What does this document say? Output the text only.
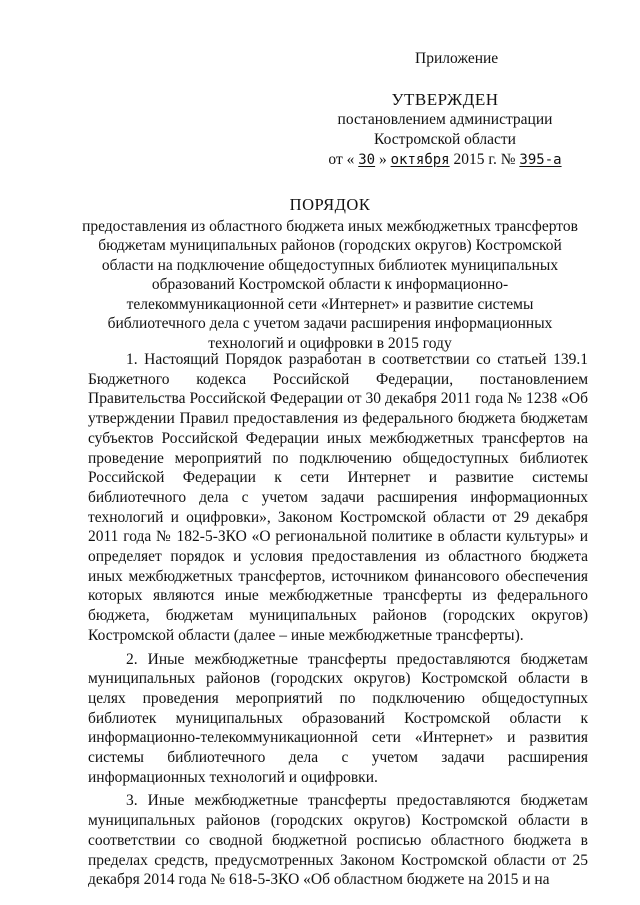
Приложение
УТВЕРЖДЕН
постановлением администрации
Костромской области
от « 30 » октября 2015 г. № 395-а
ПОРЯДОК
предоставления из областного бюджета иных межбюджетных трансфертов
бюджетам муниципальных районов (городских округов) Костромской
области на подключение общедоступных библиотек муниципальных
образований Костромской области к информационно-
телекоммуникационной сети «Интернет» и развитие системы
библиотечного дела с учетом задачи расширения информационных
технологий и оцифровки в 2015 году

1. Настоящий Порядок разработан в соответствии со статьей 139.1 Бюджетного кодекса Российской Федерации, постановлением Правительства Российской Федерации от 30 декабря 2011 года № 1238 «Об утверждении Правил предоставления из федерального бюджета бюджетам субъектов Российской Федерации иных межбюджетных трансфертов на проведение мероприятий по подключению общедоступных библиотек Российской Федерации к сети Интернет и развитие системы библиотечного дела с учетом задачи расширения информационных технологий и оцифровки», Законом Костромской области от 29 декабря 2011 года № 182-5-ЗКО «О региональной политике в области культуры» и определяет порядок и условия предоставления из областного бюджета иных межбюджетных трансфертов, источником финансового обеспечения которых являются иные межбюджетные трансферты из федерального бюджета, бюджетам муниципальных районов (городских округов) Костромской области (далее – иные межбюджетные трансферты).

2. Иные межбюджетные трансферты предоставляются бюджетам муниципальных районов (городских округов) Костромской области в целях проведения мероприятий по подключению общедоступных библиотек муниципальных образований Костромской области к информационно-телекоммуникационной сети «Интернет» и развития системы библиотечного дела с учетом задачи расширения информационных технологий и оцифровки.

3. Иные межбюджетные трансферты предоставляются бюджетам муниципальных районов (городских округов) Костромской области в соответствии со сводной бюджетной росписью областного бюджета в пределах средств, предусмотренных Законом Костромской области от 25 декабря 2014 года № 618-5-ЗКО «Об областном бюджете на 2015 и на
